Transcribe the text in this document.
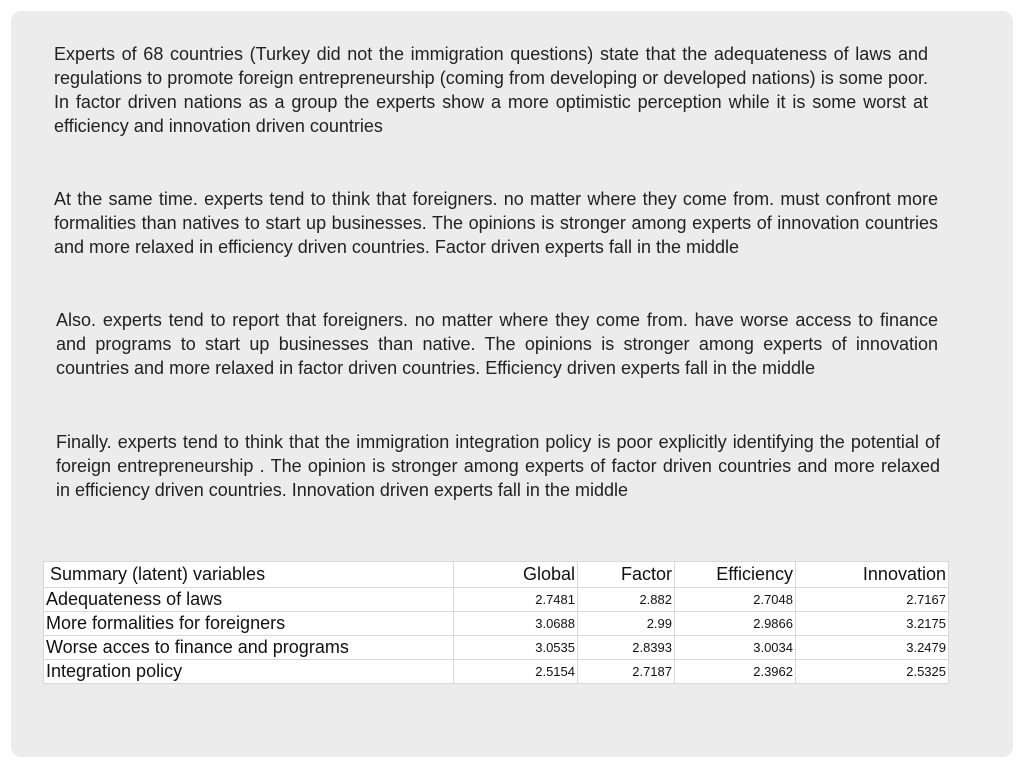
Experts of 68 countries (Turkey did not the immigration questions) state that the adequateness of laws and regulations to promote foreign entrepreneurship (coming from developing or developed nations) is some poor. In factor driven nations as a group the experts show a more optimistic perception while it is some worst at efficiency and innovation driven countries

At the same time. experts tend to think that foreigners. no matter where they come from. must confront more formalities than natives to start up businesses. The opinions is stronger among experts of innovation countries and more relaxed in efficiency driven countries. Factor driven experts fall in the middle

Also. experts tend to report that foreigners. no matter where they come from. have worse access to finance and programs to start up businesses than native. The opinions is stronger among experts of innovation countries and more relaxed in factor driven countries. Efficiency driven experts fall in the middle

Finally. experts tend to think that the immigration integration policy is poor explicitly identifying the potential of foreign entrepreneurship . The opinion is stronger among experts of factor driven countries and more relaxed in efficiency driven countries. Innovation driven experts fall in the middle

Summary (latent) variables	Global	Factor	Efficiency	Innovation
Adequateness of laws	2.7481	2.882	2.7048	2.7167
More formalities for foreigners	3.0688	2.99	2.9866	3.2175
Worse acces to finance and programs	3.0535	2.8393	3.0034	3.2479
Integration policy	2.5154	2.7187	2.3962	2.5325
